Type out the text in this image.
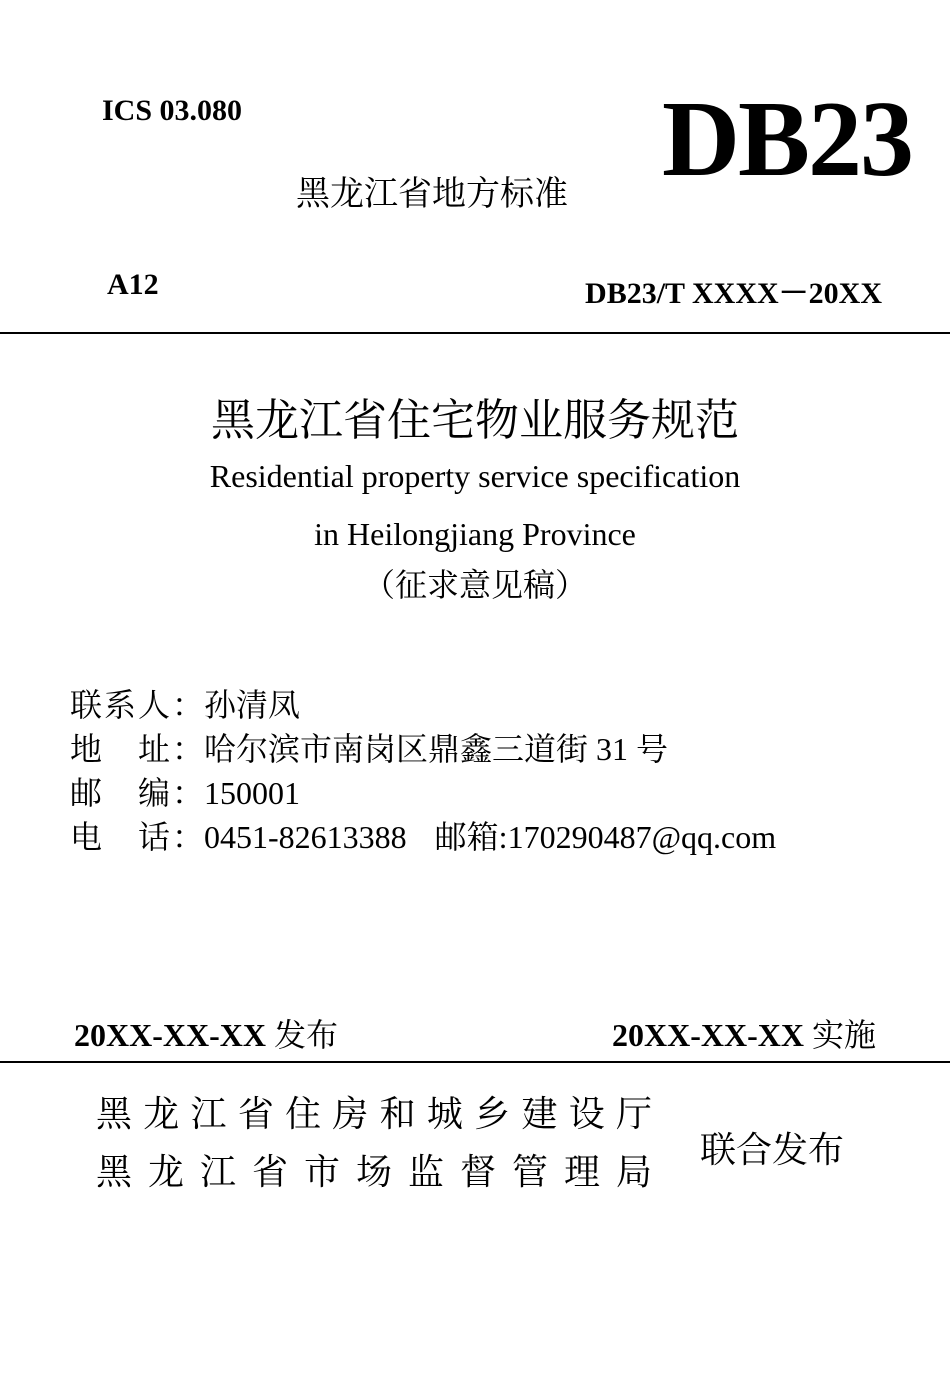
ICS 03.080
黑龙江省地方标准 DB23
A12	DB23/T XXXX－20XX
黑龙江省住宅物业服务规范
Residential property service specification
in Heilongjiang Province
（征求意见稿）
联系人：孙清凤
地　址：哈尔滨市南岗区鼎鑫三道街 31 号
邮　编：150001
电　话：0451-82613388 邮箱:170290487@qq.com
20XX-XX-XX 发布	20XX-XX-XX 实施
黑龙江省住房和城乡建设厅
黑龙江省市场监督管理局
联合发布
